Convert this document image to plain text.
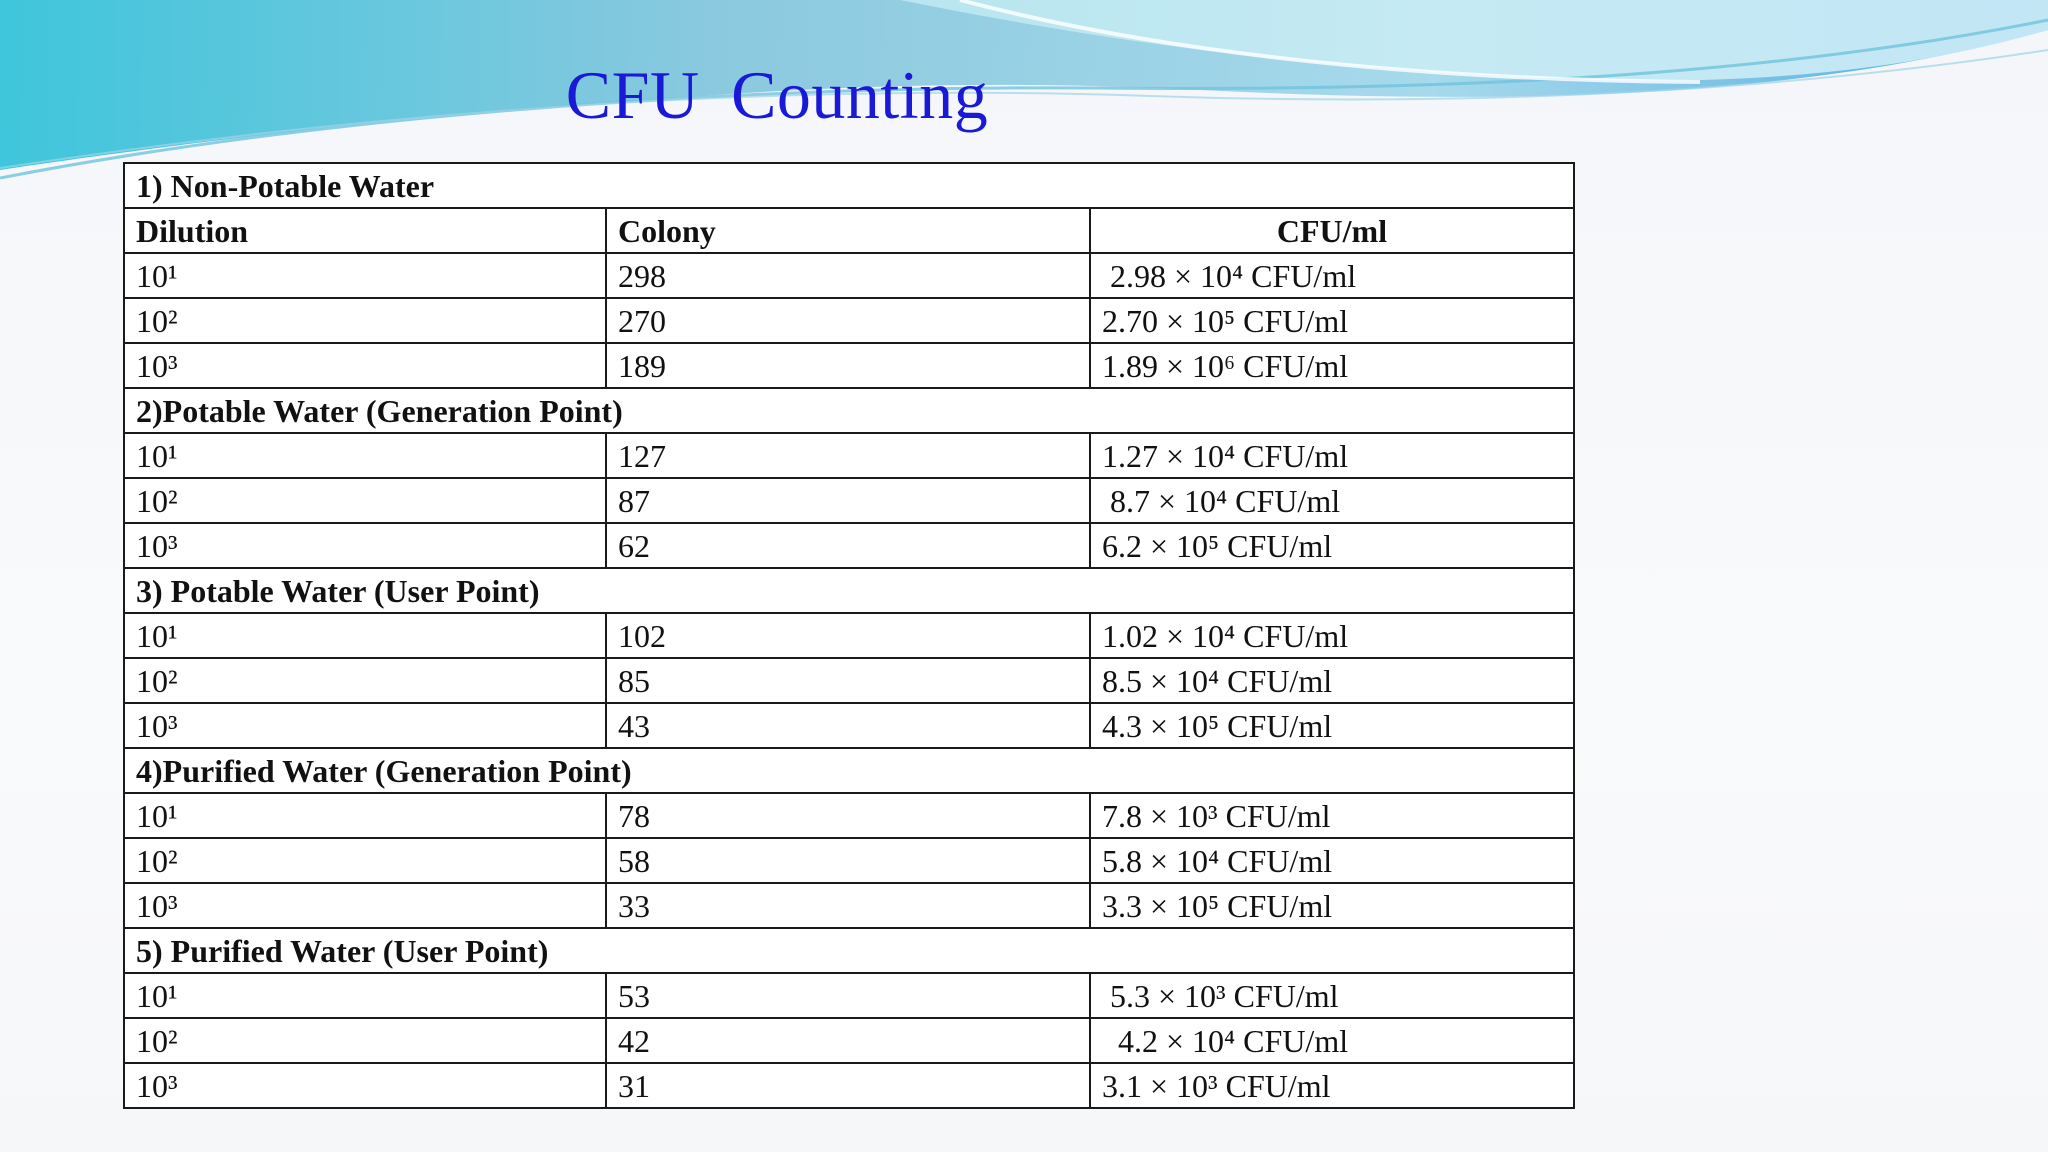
CFU Counting
1) Non-Potable Water		
Dilution	Colony	CFU/ml
10¹	298	2.98 × 10⁴ CFU/ml
10²	270	2.70 × 10⁵ CFU/ml
10³	189	1.89 × 10⁶ CFU/ml
2)Potable Water (Generation Point)		
10¹	127	1.27 × 10⁴ CFU/ml
10²	87	8.7 × 10⁴ CFU/ml
10³	62	6.2 × 10⁵ CFU/ml
3) Potable Water (User Point)		
10¹	102	1.02 × 10⁴ CFU/ml
10²	85	8.5 × 10⁴ CFU/ml
10³	43	4.3 × 10⁵ CFU/ml
4)Purified Water (Generation Point)		
10¹	78	7.8 × 10³ CFU/ml
10²	58	5.8 × 10⁴ CFU/ml
10³	33	3.3 × 10⁵ CFU/ml
5) Purified Water (User Point)		
10¹	53	5.3 × 10³ CFU/ml
10²	42	4.2 × 10⁴ CFU/ml
10³	31	3.1 × 10³ CFU/ml
